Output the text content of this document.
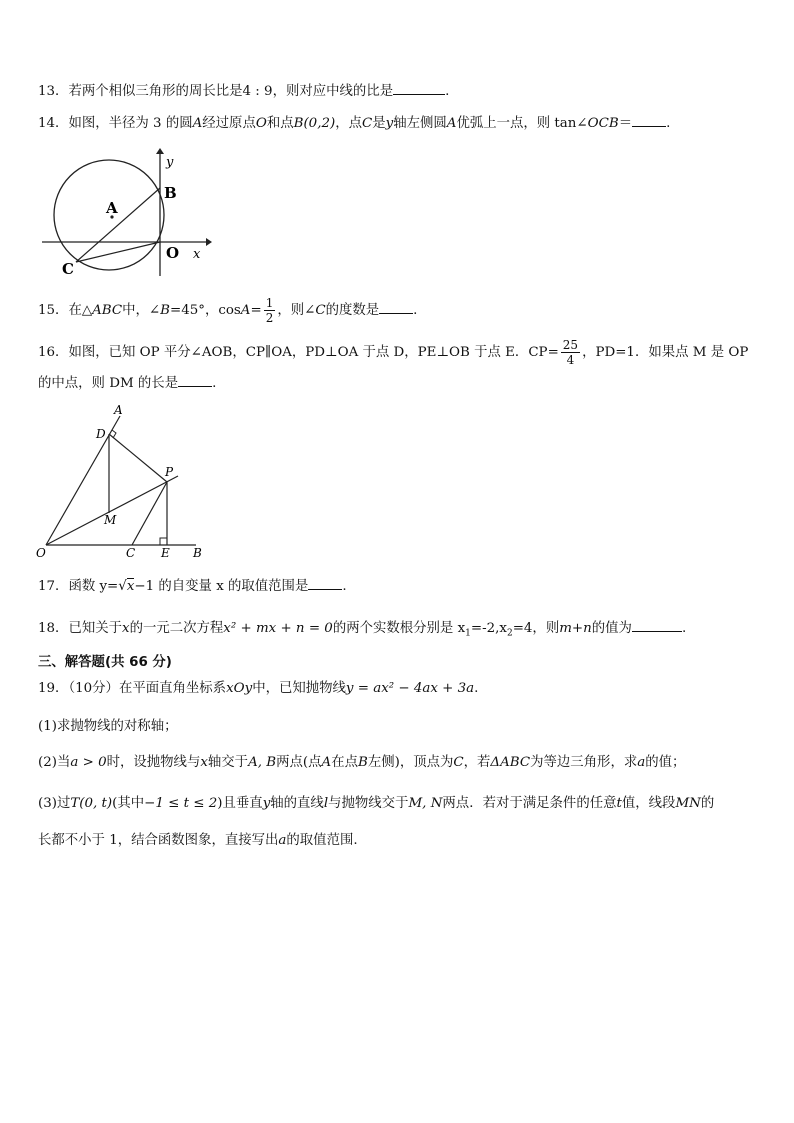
13．若两个相似三角形的周长比是4 : 9，则对应中线的比是	.
14．如图，半径为 3 的圆A经过原点O和点B(0,2)，点C是y轴左侧圆A优弧上一点，则 tan∠OCB＝	.
y
x
B
A
O
C
15．在△ABC中，∠B=45°，$\cos A= \frac{1}{2}$ ，则∠C的度数是	.
16．如图，已知 OP 平分∠AOB，CP∥OA，PD⊥OA 于点 D，PE⊥OB 于点 E．$CP= \frac{25}{4}$ ，PD=1．如果点 M 是 OP
的中点，则 DM 的长是	.
A
D
P
M
O	C E B
17．函数 y=√x−1 的自变量 x 的取值范围是	.
18．已知关于x的一元二次方程x² + mx + n = 0的两个实数根分别是 $x_1=-2,x_2=4$，则m+n的值为	.
三、解答题(共 66 分)
19．（10分）在平面直角坐标系xOy中，已知抛物线y = ax² − 4ax + 3a.
(1)求抛物线的对称轴；
(2)当a > 0时，设抛物线与x轴交于A, B两点(点A在点B左侧)，顶点为C，若ΔABC为等边三角形，求a的值；
(3)过T(0, t)(其中−1 ≤ t ≤ 2)且垂直y轴的直线l与抛物线交于M, N两点．若对于满足条件的任意t值，线段MN的
长都不小于 1，结合函数图象，直接写出a的取值范围.
